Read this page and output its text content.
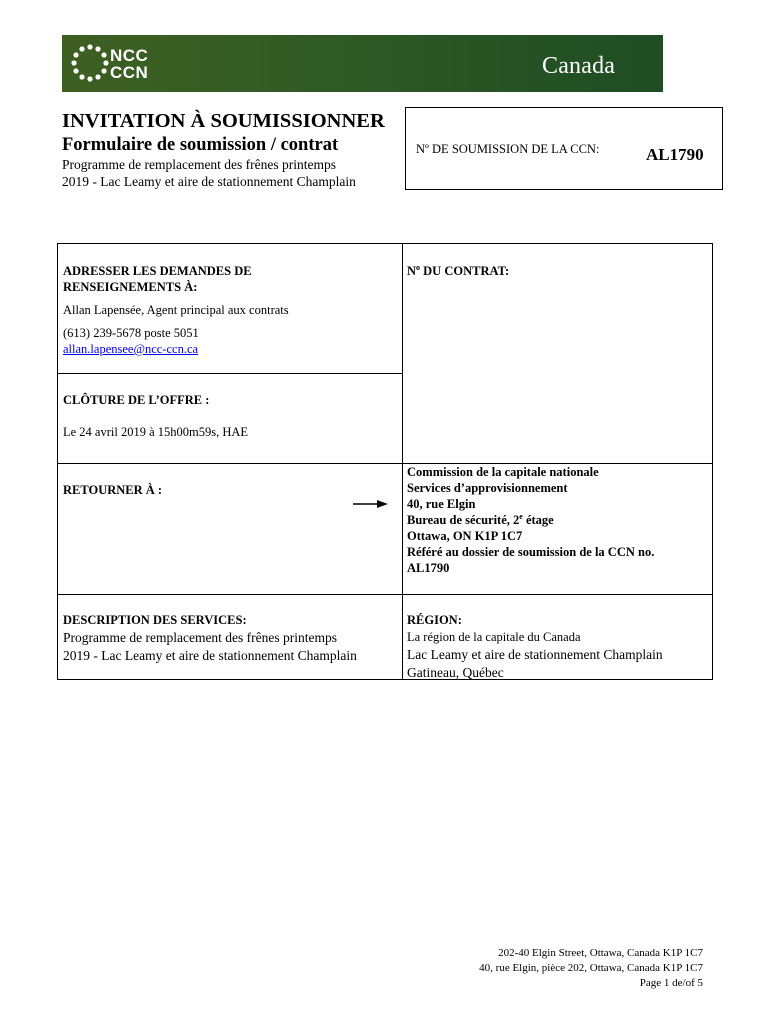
NCC
CCN	Canada
INVITATION À SOUMISSIONNER
Formulaire de soumission / contrat
Programme de remplacement des frênes printemps
2019 - Lac Leamy et aire de stationnement Champlain
Nº DE SOUMISSION DE LA CCN:	AL1790
ADRESSER LES DEMANDES DE
RENSEIGNEMENTS À:
Allan Lapensée, Agent principal aux contrats
(613) 239-5678 poste 5051
allan.lapensee@ncc-ccn.ca
$N^o$ DU CONTRAT:
CLÔTURE DE L’OFFRE :
Le 24 avril 2019 à 15h00m59s, HAE
RETOURNER À :
Commission de la capitale nationale
Services d’approvisionnement
40, rue Elgin
Bureau de sécurité, 2e étage
Ottawa, ON K1P 1C7
Référé au dossier de soumission de la CCN no.
AL1790
DESCRIPTION DES SERVICES:
Programme de remplacement des frênes printemps
2019 - Lac Leamy et aire de stationnement Champlain
RÉGION:
La région de la capitale du Canada
Lac Leamy et aire de stationnement Champlain
Gatineau, Québec
202-40 Elgin Street, Ottawa, Canada K1P 1C7
40, rue Elgin, pièce 202, Ottawa, Canada K1P 1C7
Page 1 de/of 5
